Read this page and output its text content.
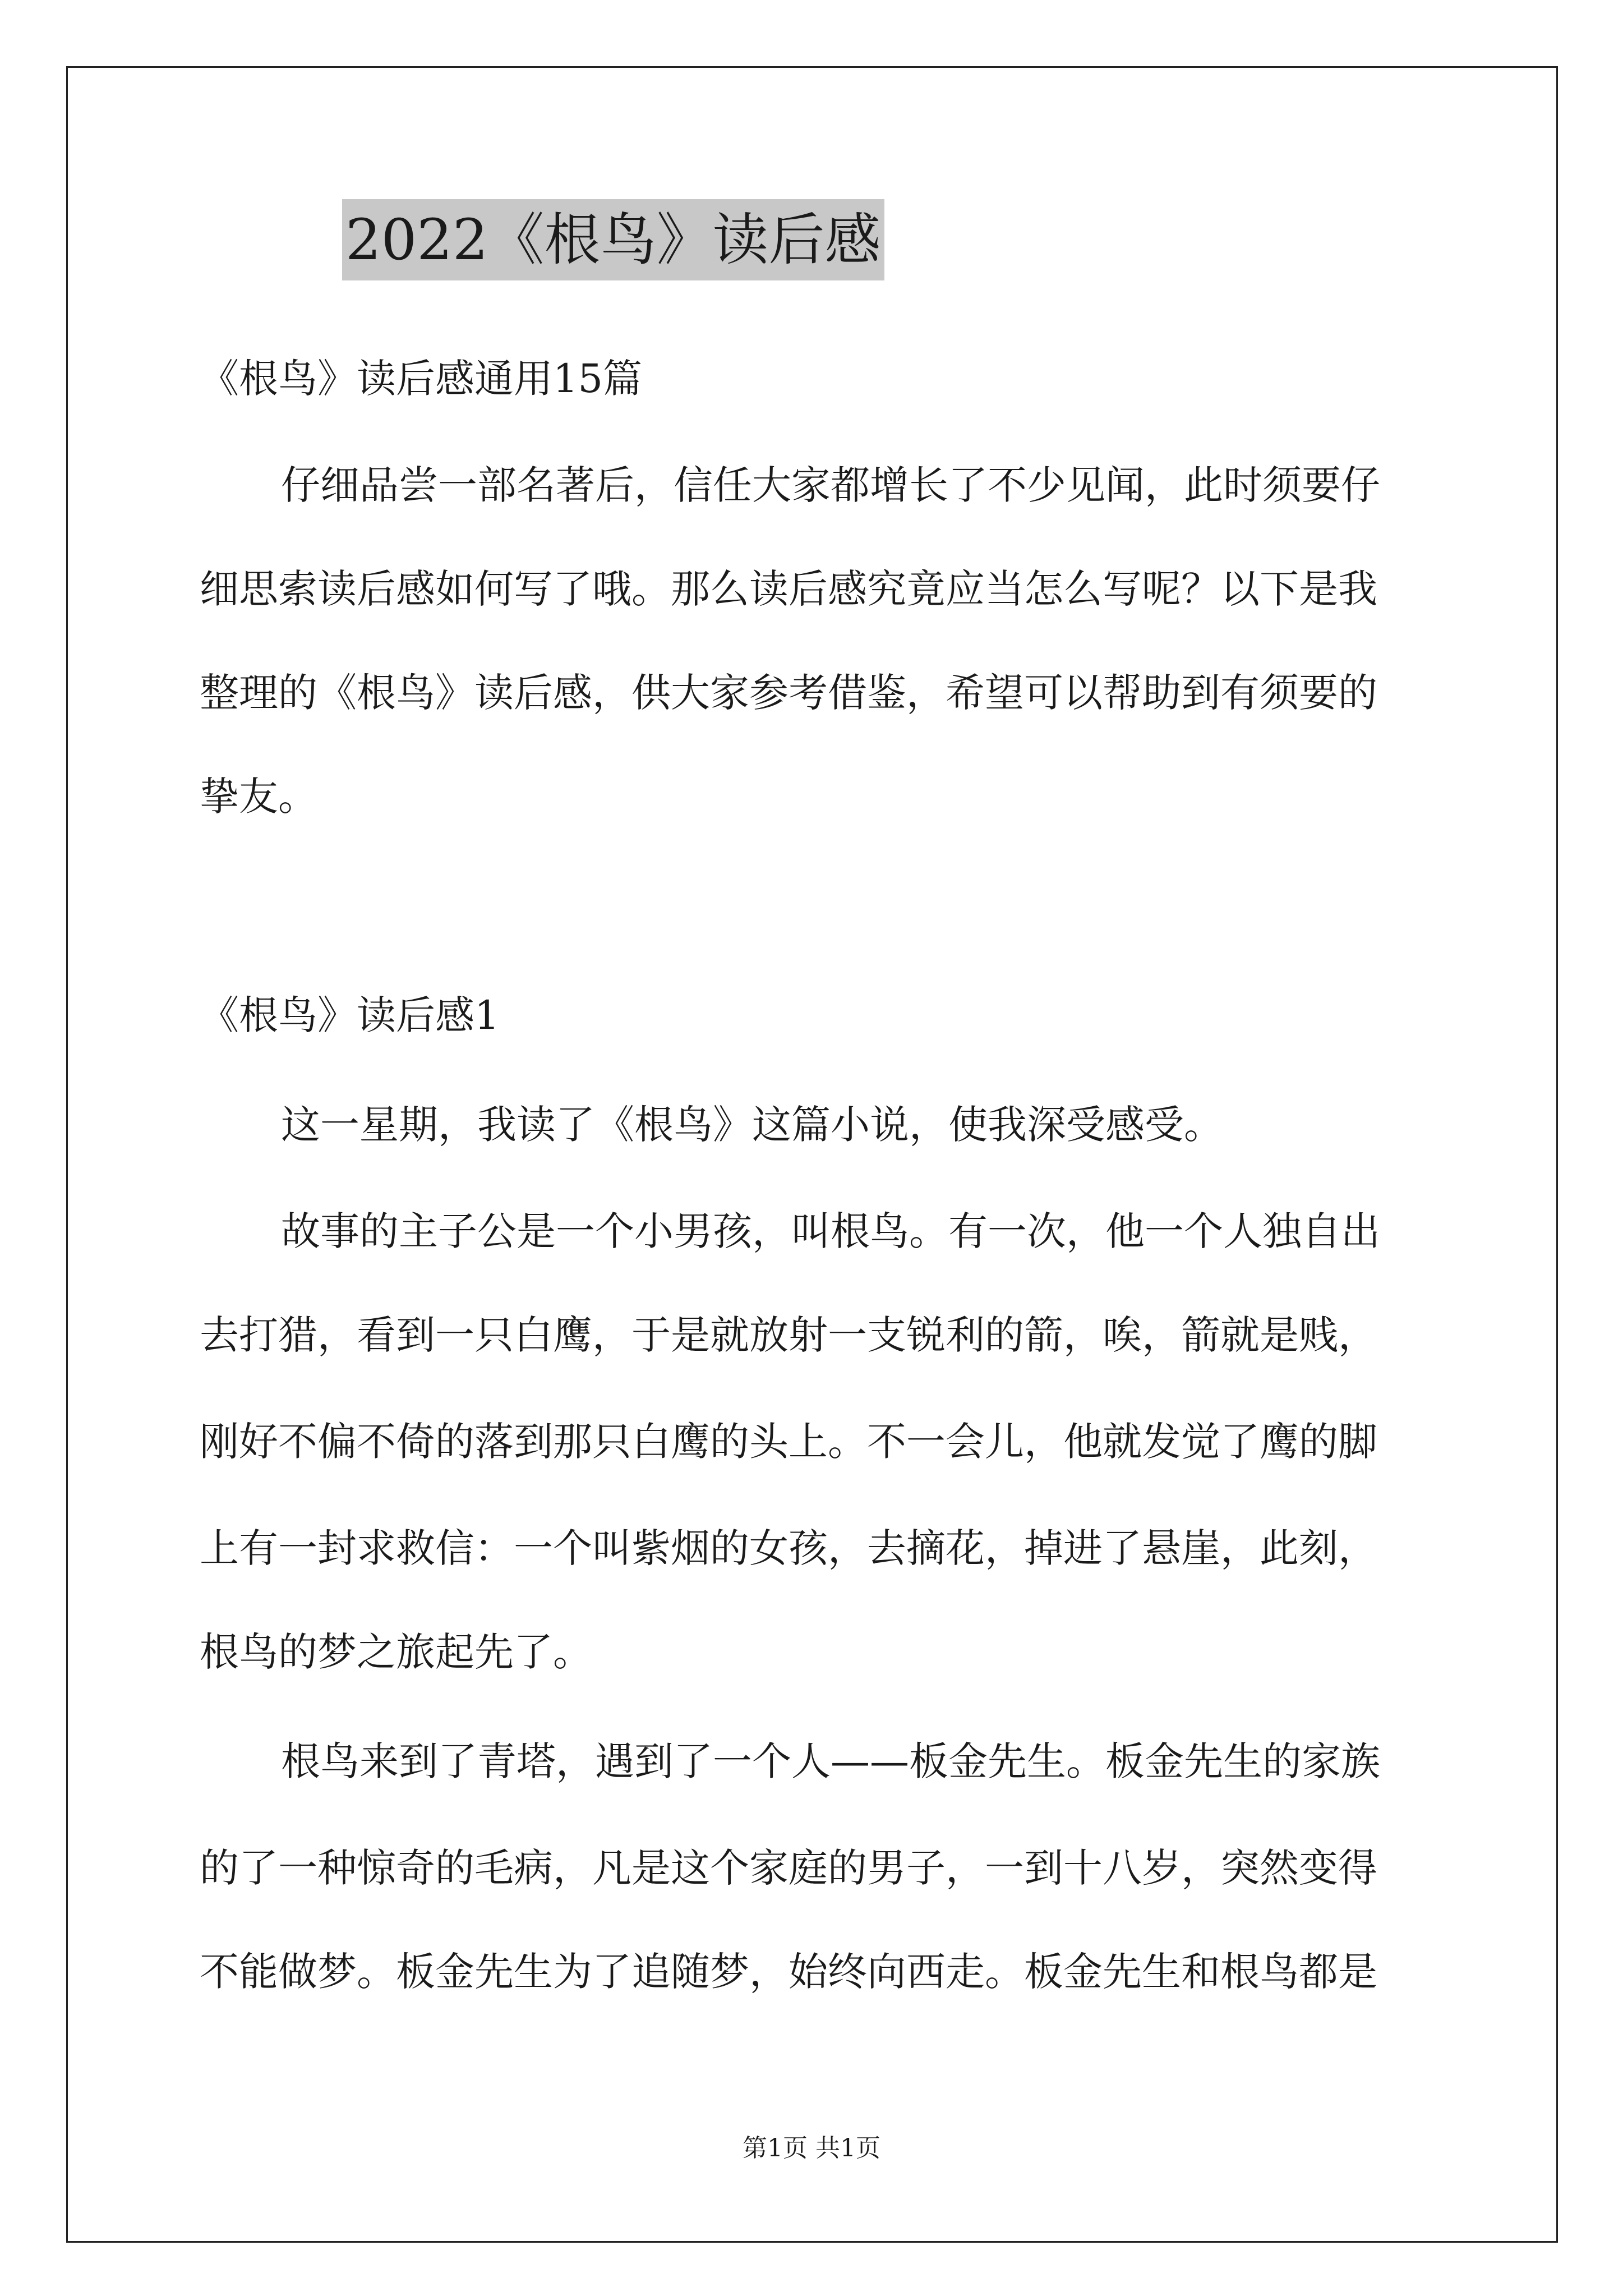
2022《根鸟》读后感
《根鸟》读后感通用15篇
仔细品尝一部名著后，信任大家都增长了不少见闻，此时须要仔
细思索读后感如何写了哦。那么读后感究竟应当怎么写呢？以下是我
整理的《根鸟》读后感，供大家参考借鉴，希望可以帮助到有须要的
挚友。
《根鸟》读后感1
这一星期，我读了《根鸟》这篇小说，使我深受感受。
故事的主子公是一个小男孩，叫根鸟。有一次，他一个人独自出
去打猎，看到一只白鹰，于是就放射一支锐利的箭，唉，箭就是贱，
刚好不偏不倚的落到那只白鹰的头上。不一会儿，他就发觉了鹰的脚
上有一封求救信：一个叫紫烟的女孩，去摘花，掉进了悬崖，此刻，
根鸟的梦之旅起先了。
根鸟来到了青塔，遇到了一个人——板金先生。板金先生的家族
的了一种惊奇的毛病，凡是这个家庭的男子，一到十八岁，突然变得
不能做梦。板金先生为了追随梦，始终向西走。板金先生和根鸟都是
第1页 共1页
